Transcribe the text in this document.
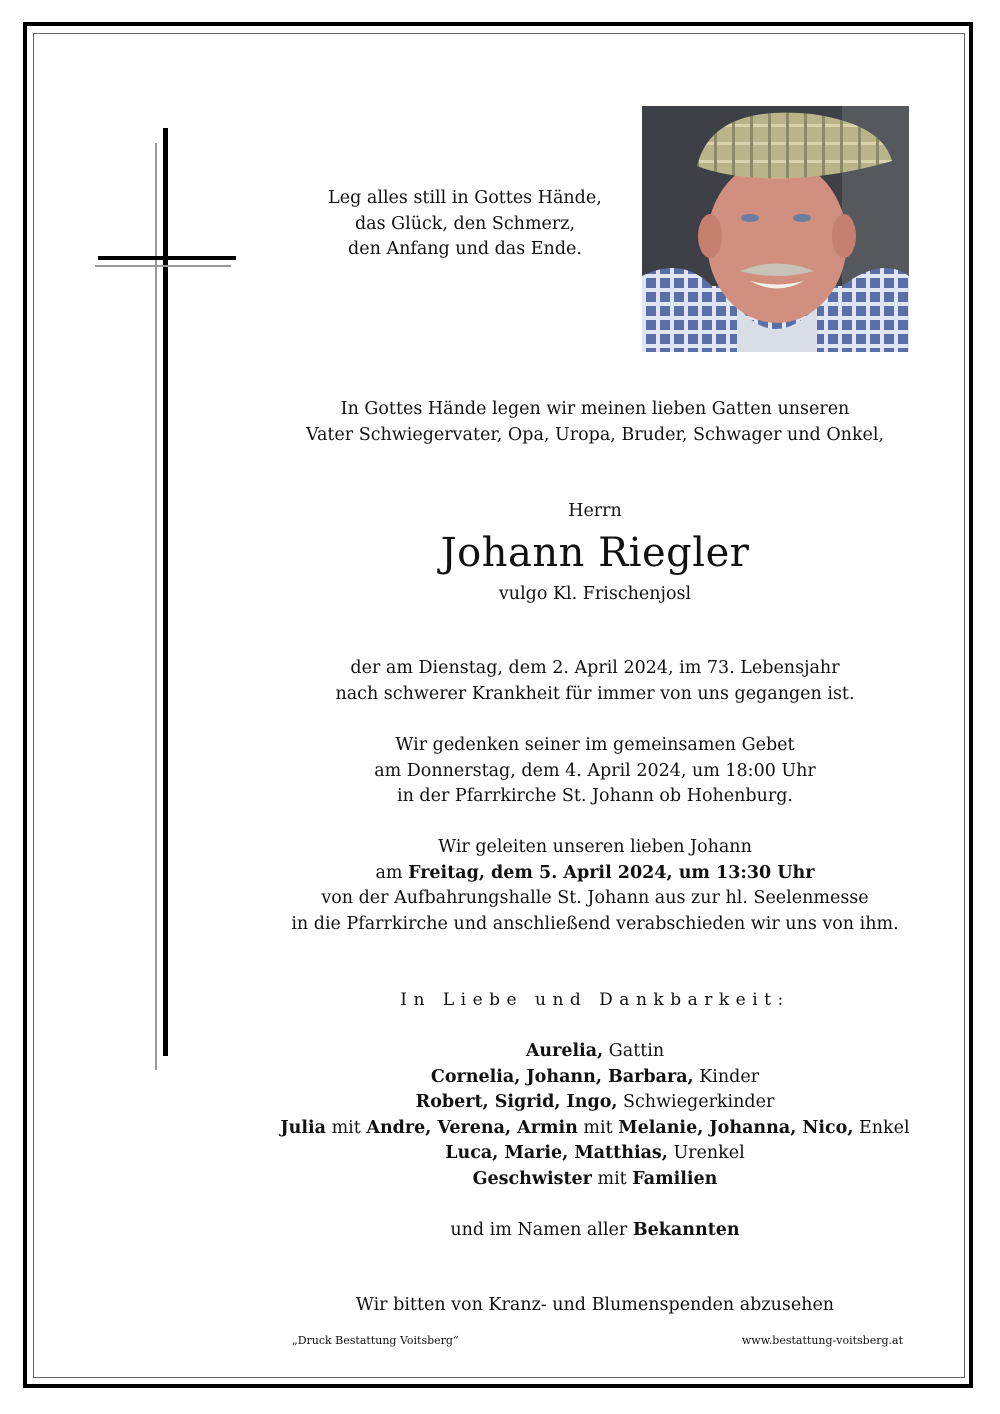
Leg alles still in Gottes Hände,
das Glück, den Schmerz,
den Anfang und das Ende.
In Gottes Hände legen wir meinen lieben Gatten unseren
Vater Schwiegervater, Opa, Uropa, Bruder, Schwager und Onkel,
Herrn
Johann Riegler
vulgo Kl. Frischenjosl
der am Dienstag, dem 2. April 2024, im 73. Lebensjahr
nach schwerer Krankheit für immer von uns gegangen ist.
Wir gedenken seiner im gemeinsamen Gebet
am Donnerstag, dem 4. April 2024, um 18:00 Uhr
in der Pfarrkirche St. Johann ob Hohenburg.
Wir geleiten unseren lieben Johann
am Freitag, dem 5. April 2024, um 13:30 Uhr
von der Aufbahrungshalle St. Johann aus zur hl. Seelenmesse
in die Pfarrkirche und anschließend verabschieden wir uns von ihm.
In Liebe und Dankbarkeit:
Aurelia, Gattin
Cornelia, Johann, Barbara, Kinder
Robert, Sigrid, Ingo, Schwiegerkinder
Julia mit Andre, Verena, Armin mit Melanie, Johanna, Nico, Enkel
Luca, Marie, Matthias, Urenkel
Geschwister mit Familien
und im Namen aller Bekannten
Wir bitten von Kranz- und Blumenspenden abzusehen
„Druck Bestattung Voitsberg“	www.bestattung-voitsberg.at
